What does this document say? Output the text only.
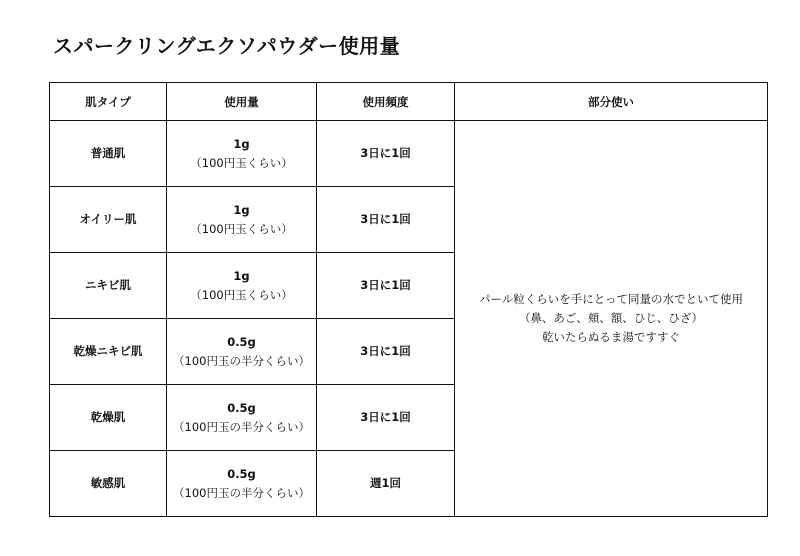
スパークリングエクソパウダー使用量
肌タイプ	使用量	使用頻度	部分使い
普通肌	1g
（100円玉くらい）	3日に1回	パール粒くらいを手にとって同量の水でといて使用
（鼻、あご、頬、額、ひじ、ひざ）
乾いたらぬるま湯ですすぐ

オイリー肌	1g
（100円玉くらい）	3日に1回	
ニキビ肌	1g
（100円玉くらい）	3日に1回	
乾燥ニキビ肌	0.5g
（100円玉の半分くらい）	3日に1回	
乾燥肌	0.5g
（100円玉の半分くらい）	3日に1回	
敏感肌	0.5g
（100円玉の半分くらい）	週1回	
